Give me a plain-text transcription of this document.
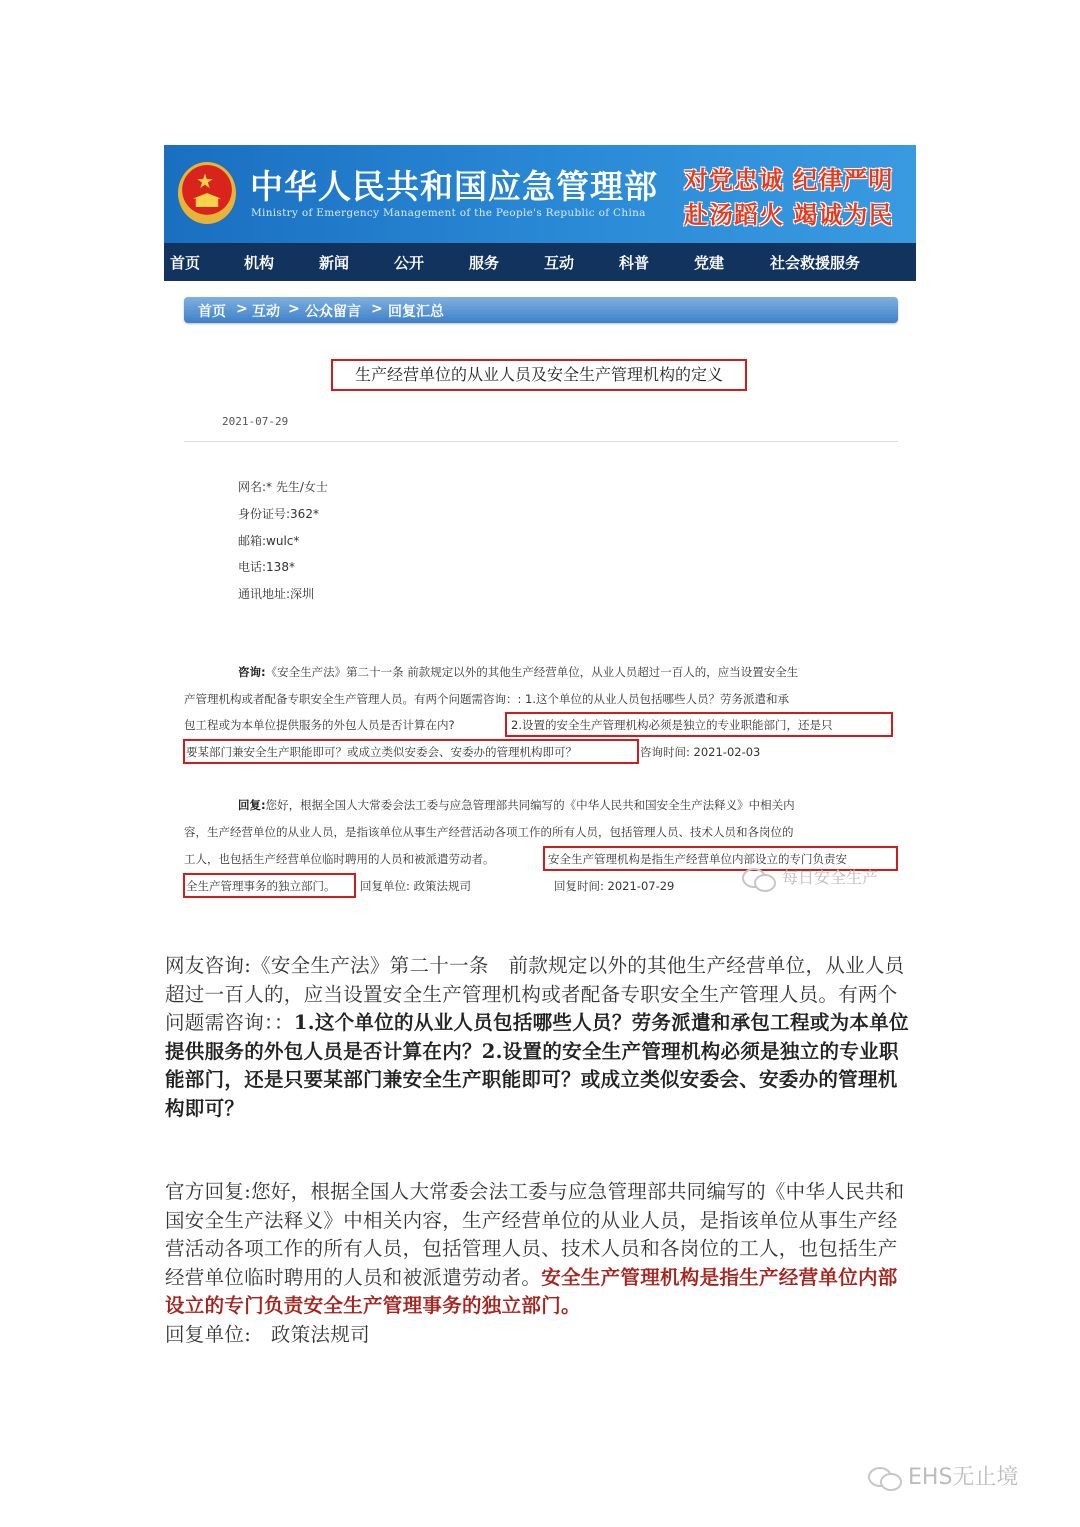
★ 中华人民共和国应急管理部
Ministry of Emergency Management of the People's Republic of China
对党忠诚 纪律严明
赴汤蹈火 竭诚为民
首页	机构	新闻	公开	服务	互动	科普	党建	社会救援服务
首页 > 互动 > 公众留言 > 回复汇总
生产经营单位的从业人员及安全生产管理机构的定义
2021-07-29
网名:* 先生/女士
身份证号:362*
邮箱:wulc*
电话:138*
通讯地址:深圳
咨询:《安全生产法》第二十一条 前款规定以外的其他生产经营单位，从业人员超过一百人的，应当设置安全生
产管理机构或者配备专职安全生产管理人员。有两个问题需咨询：: 1.这个单位的从业人员包括哪些人员？劳务派遣和承
包工程或为本单位提供服务的外包人员是否计算在内?	2.设置的安全生产管理机构必须是独立的专业职能部门，还是只
要某部门兼安全生产职能即可？或成立类似安委会、安委办的管理机构即可？	咨询时间: 2021-02-03
回复:您好，根据全国人大常委会法工委与应急管理部共同编写的《中华人民共和国安全生产法释义》中相关内
容，生产经营单位的从业人员，是指该单位从事生产经营活动各项工作的所有人员，包括管理人员、技术人员和各岗位的
工人，也包括生产经营单位临时聘用的人员和被派遣劳动者。	安全生产管理机构是指生产经营单位内部设立的专门负责安
全生产管理事务的独立部门。 回复单位: 政策法规司	回复时间: 2021-07-29	每日安全生产
网友咨询:《安全生产法》第二十一条　前款规定以外的其他生产经营单位，从业人员超过一百人的，应当设置安全生产管理机构或者配备专职安全生产管理人员。有两个问题需咨询：：1.这个单位的从业人员包括哪些人员？劳务派遣和承包工程或为本单位提供服务的外包人员是否计算在内？2.设置的安全生产管理机构必须是独立的专业职能部门，还是只要某部门兼安全生产职能即可？或成立类似安委会、安委办的管理机构即可？
官方回复:您好，根据全国人大常委会法工委与应急管理部共同编写的《中华人民共和国安全生产法释义》中相关内容，生产经营单位的从业人员，是指该单位从事生产经营活动各项工作的所有人员，包括管理人员、技术人员和各岗位的工人，也包括生产经营单位临时聘用的人员和被派遣劳动者。安全生产管理机构是指生产经营单位内部设立的专门负责安全生产管理事务的独立部门。
回复单位:　政策法规司
EHS无止境
